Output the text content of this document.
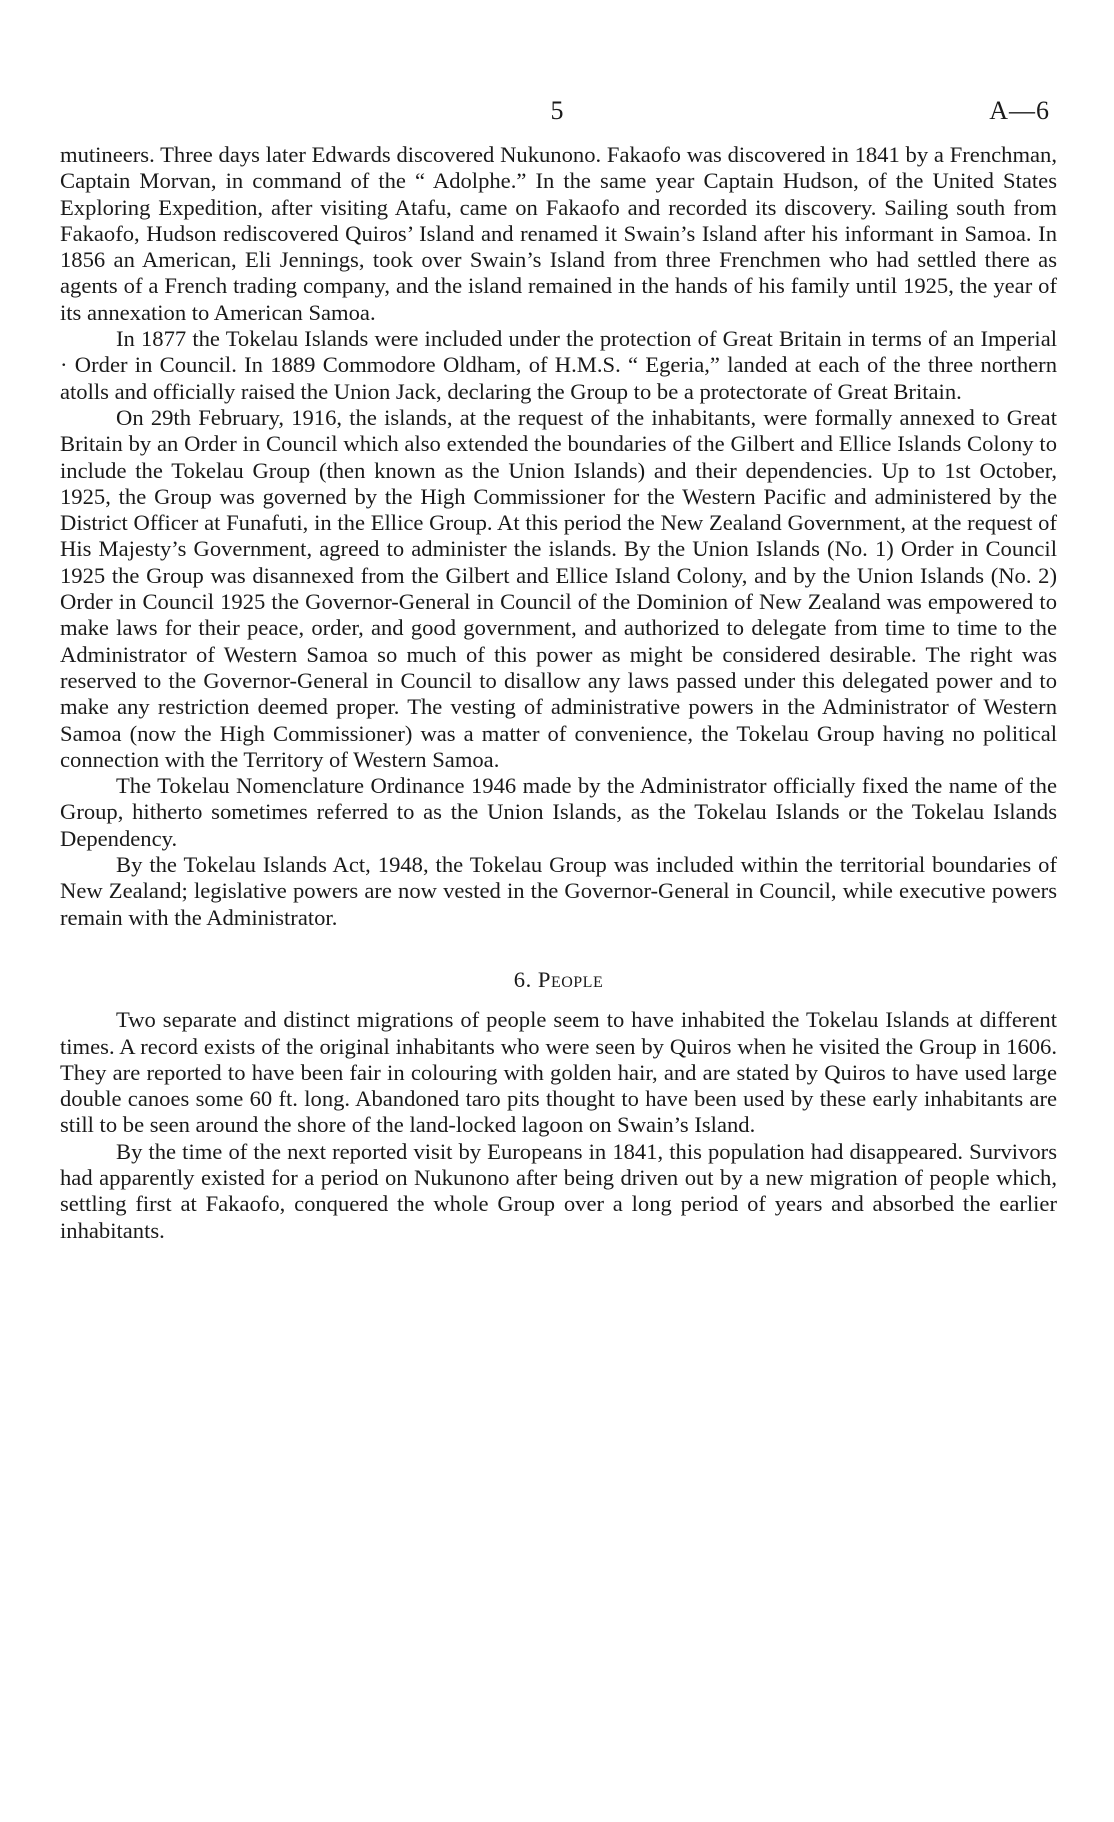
5	A—6

mutineers. Three days later Edwards discovered Nukunono. Fakaofo was discovered in 1841 by a Frenchman, Captain Morvan, in command of the “ Adolphe.” In the same year Captain Hudson, of the United States Exploring Expedition, after visiting Atafu, came on Fakaofo and recorded its discovery. Sailing south from Fakaofo, Hudson rediscovered Quiros’ Island and renamed it Swain’s Island after his informant in Samoa. In 1856 an American, Eli Jennings, took over Swain’s Island from three Frenchmen who had settled there as agents of a French trading company, and the island remained in the hands of his family until 1925, the year of its annexation to American Samoa.

In 1877 the Tokelau Islands were included under the protection of Great Britain in terms of an Imperial · Order in Council. In 1889 Commodore Oldham, of H.M.S. “ Egeria,” landed at each of the three northern atolls and officially raised the Union Jack, declaring the Group to be a protectorate of Great Britain.

On 29th February, 1916, the islands, at the request of the inhabitants, were formally annexed to Great Britain by an Order in Council which also extended the boundaries of the Gilbert and Ellice Islands Colony to include the Tokelau Group (then known as the Union Islands) and their dependencies. Up to 1st October, 1925, the Group was governed by the High Commissioner for the Western Pacific and administered by the District Officer at Funafuti, in the Ellice Group. At this period the New Zealand Government, at the request of His Majesty’s Government, agreed to administer the islands. By the Union Islands (No. 1) Order in Council 1925 the Group was disannexed from the Gilbert and Ellice Island Colony, and by the Union Islands (No. 2) Order in Council 1925 the Governor-General in Council of the Dominion of New Zealand was empowered to make laws for their peace, order, and good government, and authorized to delegate from time to time to the Administrator of Western Samoa so much of this power as might be considered desirable. The right was reserved to the Governor-General in Council to disallow any laws passed under this delegated power and to make any restriction deemed proper. The vesting of administrative powers in the Administrator of Western Samoa (now the High Commissioner) was a matter of convenience, the Tokelau Group having no political connection with the Territory of Western Samoa.

The Tokelau Nomenclature Ordinance 1946 made by the Administrator officially fixed the name of the Group, hitherto sometimes referred to as the Union Islands, as the Tokelau Islands or the Tokelau Islands Dependency.

By the Tokelau Islands Act, 1948, the Tokelau Group was included within the territorial boundaries of New Zealand; legislative powers are now vested in the Governor-General in Council, while executive powers remain with the Administrator.

6. People

Two separate and distinct migrations of people seem to have inhabited the Tokelau Islands at different times. A record exists of the original inhabitants who were seen by Quiros when he visited the Group in 1606. They are reported to have been fair in colouring with golden hair, and are stated by Quiros to have used large double canoes some 60 ft. long. Abandoned taro pits thought to have been used by these early inhabitants are still to be seen around the shore of the land-locked lagoon on Swain’s Island.

By the time of the next reported visit by Europeans in 1841, this population had disappeared. Survivors had apparently existed for a period on Nukunono after being driven out by a new migration of people which, settling first at Fakaofo, conquered the whole Group over a long period of years and absorbed the earlier inhabitants.
